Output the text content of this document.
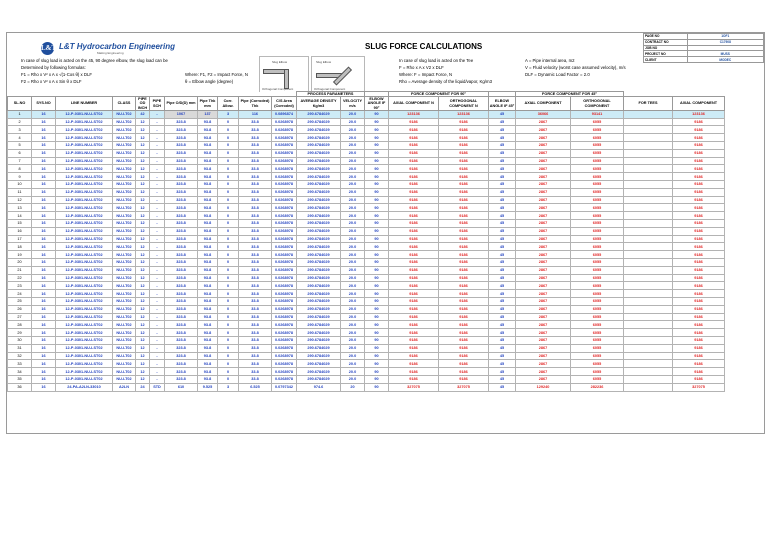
L&T L&T Hydrocarbon Engineering
Making Engineering
SLUG FORCE CALCULATIONS
In case of slug load is acted on the 45, 90 degree elbow, the slug load can be
Determined by following formulas:
F1 = Rho x V² x A x √(1-Cos θ) x DLF
F2 = Rho x V² x A x Sin θ x DLF
Where: F1, F2 = Impact Force, N
θ = Elbow angle (degree)
Slug Elbow
Orthogonal Component
Slug Elbow
Orthogonal Component
In case of slug load is acted on the Tee
F = Rho x A x V2 x DLF
Where: F = Impact Force, N
Rho = Average density of the liquid/vapor, Kg/m3
A = Pipe internal area, m2
V = Fluid velocity (worst case assumed velocity), m/s
DLF = Dynamic Load Factor = 2.0
PAGE NO	1OF1
CONTRACT NO	C17908
JOB NO	
PROJECT NO	MUSS
CLIENT	MODEC
											PROCESS PARAMETERS			FORCE COMPONENT FOR 90°			FORCE COMPONENT FOR 45°			
SL.NO	SYS.NO	LINE NUMBER	CLASS	PIPE OD INCH	PIPE SCH	Pipe O/D(D) mm	Pipe Thk mm	Corr. Allow.	Pipe (Corroded) Thk	C/S Area (Corroded)	AVERAGE DENSITY Kg/m3	VELOCITY m/s	ELBOW ANGLE IF 90°	AXIAL COMPONENT N	ORTHOGONAL COMPONENT N	ELBOW ANGLE IF 45°	AXIAL COMPONENT	ORTHOGONAL COMPONENT	FOR TEES	AXIAL COMPONENT
1	16	12-P-0301-NU-LST02	NU-LT02	42	-	1067	137	3	116	0.0896874	290.6784029	20.0	90	123136	123136	45	36066	93141		123136
2	16	12-P-0301-NU-LST02	NU-LT02	12	-	323.8	93.8	0	33.8	0.0268978	290.6784029	20.0	90	9186	9186	45	2867	6055		9186
3	16	12-P-0301-NU-LST02	NU-LT02	12	-	323.8	93.8	0	33.8	0.0268978	290.6784029	20.0	90	9186	9186	45	2867	6055		9186
4	16	12-P-0301-NU-LST02	NU-LT02	12	-	323.8	93.8	0	33.8	0.0268978	290.6784029	20.0	90	9186	9186	45	2867	6055		9186
5	16	12-P-0301-NU-LST02	NU-LT02	12	-	323.8	93.8	0	33.8	0.0268978	290.6784029	20.0	90	9186	9186	45	2867	6055		9186
6	16	12-P-0301-NU-LST02	NU-LT02	12	-	323.8	93.8	0	33.8	0.0268978	290.6784029	20.0	90	9186	9186	45	2867	6055		9186
7	16	12-P-0301-NU-LST02	NU-LT02	12	-	323.8	93.8	0	33.8	0.0268978	290.6784029	20.0	90	9186	9186	45	2867	6055		9186
8	16	12-P-0301-NU-LST02	NU-LT02	12	-	323.8	93.8	0	33.8	0.0268978	290.6784029	20.0	90	9186	9186	45	2867	6055		9186
9	16	12-P-0301-NU-LST02	NU-LT02	12	-	323.8	93.8	0	33.8	0.0268978	290.6784029	20.0	90	9186	9186	45	2867	6055		9186
10	16	12-P-0301-NU-LST02	NU-LT02	12	-	323.8	93.8	0	33.8	0.0268978	290.6784029	20.0	90	9186	9186	45	2867	6055		9186
11	16	12-P-0301-NU-LST02	NU-LT02	12	-	323.8	93.8	0	33.8	0.0268978	290.6784029	20.0	90	9186	9186	45	2867	6055		9186
12	16	12-P-0301-NU-LST02	NU-LT02	12	-	323.8	93.8	0	33.8	0.0268978	290.6784029	20.0	90	9186	9186	45	2867	6055		9186
13	16	12-P-0301-NU-LST02	NU-LT02	12	-	323.8	93.8	0	33.8	0.0268978	290.6784029	20.0	90	9186	9186	45	2867	6055		9186
14	16	12-P-0301-NU-LST02	NU-LT02	12	-	323.8	93.8	0	33.8	0.0268978	290.6784029	20.0	90	9186	9186	45	2867	6055		9186
15	16	12-P-0301-NU-LST02	NU-LT02	12	-	323.8	93.8	0	33.8	0.0268978	290.6784029	20.0	90	9186	9186	45	2867	6055		9186
16	16	12-P-0301-NU-LST02	NU-LT02	12	-	323.8	93.8	0	33.8	0.0268978	290.6784029	20.0	90	9186	9186	45	2867	6055		9186
17	16	12-P-0301-NU-LST02	NU-LT02	12	-	323.8	93.8	0	33.8	0.0268978	290.6784029	20.0	90	9186	9186	45	2867	6055		9186
18	16	12-P-0301-NU-LST02	NU-LT02	12	-	323.8	93.8	0	33.8	0.0268978	290.6784029	20.0	90	9186	9186	45	2867	6055		9186
19	16	12-P-0301-NU-LST02	NU-LT02	12	-	323.8	93.8	0	33.8	0.0268978	290.6784029	20.0	90	9186	9186	45	2867	6055		9186
20	16	12-P-0301-NU-LST02	NU-LT02	12	-	323.8	93.8	0	33.8	0.0268978	290.6784029	20.0	90	9186	9186	45	2867	6055		9186
21	16	12-P-0301-NU-LST02	NU-LT02	12	-	323.8	93.8	0	33.8	0.0268978	290.6784029	20.0	90	9186	9186	45	2867	6055		9186
22	16	12-P-0301-NU-LST02	NU-LT02	12	-	323.8	93.8	0	33.8	0.0268978	290.6784029	20.0	90	9186	9186	45	2867	6055		9186
23	16	12-P-0301-NU-LST02	NU-LT02	12	-	323.8	93.8	0	33.8	0.0268978	290.6784029	20.0	90	9186	9186	45	2867	6055		9186
24	16	12-P-0301-NU-LST02	NU-LT02	12	-	323.8	93.8	0	33.8	0.0268978	290.6784029	20.0	90	9186	9186	45	2867	6055		9186
25	16	12-P-0301-NU-LST02	NU-LT02	12	-	323.8	93.8	0	33.8	0.0268978	290.6784029	20.0	90	9186	9186	45	2867	6055		9186
26	16	12-P-0301-NU-LST02	NU-LT02	12	-	323.8	93.8	0	33.8	0.0268978	290.6784029	20.0	90	9186	9186	45	2867	6055		9186
27	16	12-P-0301-NU-LST02	NU-LT02	12	-	323.8	93.8	0	33.8	0.0268978	290.6784029	20.0	90	9186	9186	45	2867	6055		9186
28	16	12-P-0301-NU-LST02	NU-LT02	12	-	323.8	93.8	0	33.8	0.0268978	290.6784029	20.0	90	9186	9186	45	2867	6055		9186
29	16	12-P-0301-NU-LST02	NU-LT02	12	-	323.8	93.8	0	33.8	0.0268978	290.6784029	20.0	90	9186	9186	45	2867	6055		9186
30	16	12-P-0301-NU-LST02	NU-LT02	12	-	323.8	93.8	0	33.8	0.0268978	290.6784029	20.0	90	9186	9186	45	2867	6055		9186
31	16	12-P-0301-NU-LST02	NU-LT02	12	-	323.8	93.8	0	33.8	0.0268978	290.6784029	20.0	90	9186	9186	45	2867	6055		9186
32	16	12-P-0301-NU-LST02	NU-LT02	12	-	323.8	93.8	0	33.8	0.0268978	290.6784029	20.0	90	9186	9186	45	2867	6055		9186
33	16	12-P-0301-NU-LST02	NU-LT02	12	-	323.8	93.8	0	33.8	0.0268978	290.6784029	20.0	90	9186	9186	45	2867	6055		9186
34	16	12-P-0301-NU-LST02	NU-LT02	12	-	323.8	93.8	0	33.8	0.0268978	290.6784029	20.0	90	9186	9186	45	2867	6055		9186
35	16	12-P-0301-NU-LST02	NU-LT02	12	-	323.8	93.8	0	33.8	0.0268978	290.6784029	20.0	90	9186	9186	45	2867	6055		9186
36	16	24-PA-A2LN-33010	A2LN	24	STD	610	9.525	3	6.525	0.0797342	974.6	20	90	327075	327075	45	129240	282236		327075
